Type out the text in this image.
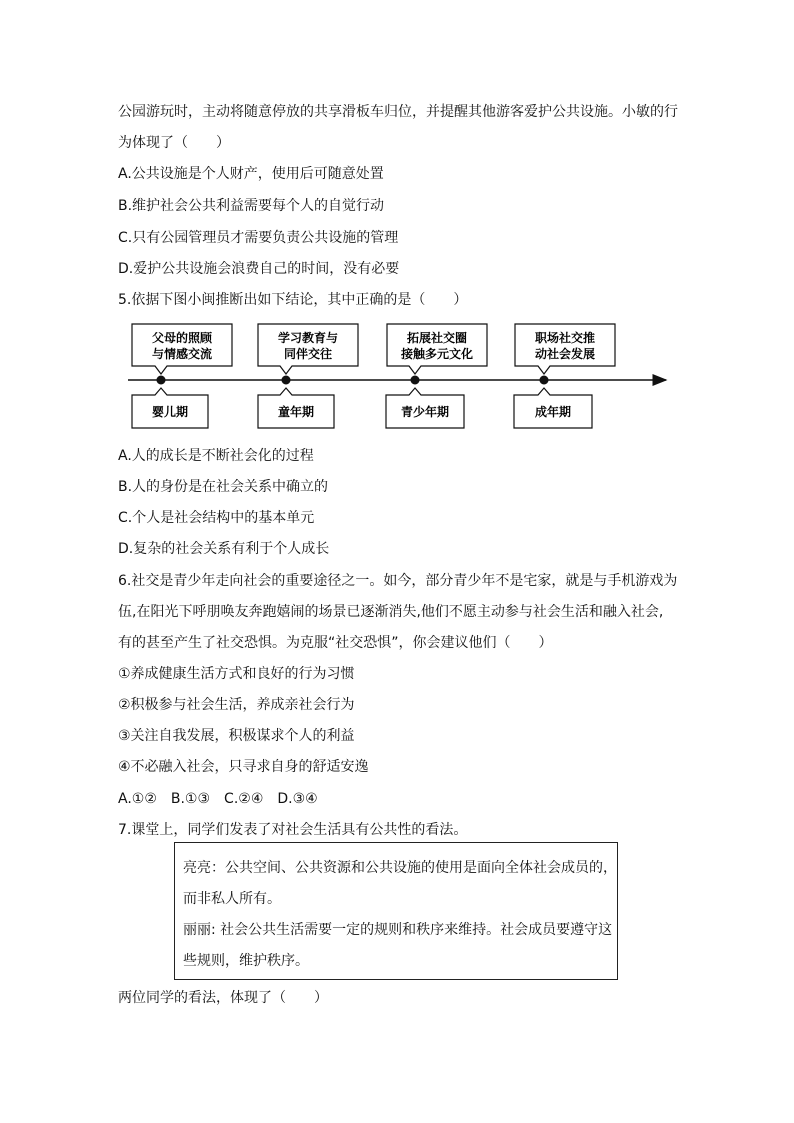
公园游玩时，主动将随意停放的共享滑板车归位，并提醒其他游客爱护公共设施。小敏的行
为体现了（　　）
A.公共设施是个人财产，使用后可随意处置
B.维护社会公共利益需要每个人的自觉行动
C.只有公园管理员才需要负责公共设施的管理
D.爱护公共设施会浪费自己的时间，没有必要
5.依据下图小闽推断出如下结论，其中正确的是（　　）
父母的照顾
与情感交流
婴儿期
学习教育与
同伴交往
童年期
拓展社交圈
接触多元文化
青少年期
职场社交推
动社会发展
成年期
A.人的成长是不断社会化的过程
B.人的身份是在社会关系中确立的
C.个人是社会结构中的基本单元
D.复杂的社会关系有利于个人成长
6.社交是青少年走向社会的重要途径之一。如今，部分青少年不是宅家，就是与手机游戏为
伍,在阳光下呼朋唤友奔跑嬉闹的场景已逐渐消失,他们不愿主动参与社会生活和融入社会,
有的甚至产生了社交恐惧。为克服“社交恐惧”，你会建议他们（　　）
①养成健康生活方式和良好的行为习惯
②积极参与社会生活，养成亲社会行为
③关注自我发展，积极谋求个人的利益
④不必融入社会，只寻求自身的舒适安逸
A.①②　B.①③　C.②④　D.③④
7.课堂上，同学们发表了对社会生活具有公共性的看法。
亮亮：公共空间、公共资源和公共设施的使用是面向全体社会成员的，
而非私人所有。
丽丽: 社会公共生活需要一定的规则和秩序来维持。社会成员要遵守这
些规则，维护秩序。
两位同学的看法，体现了（　　）
